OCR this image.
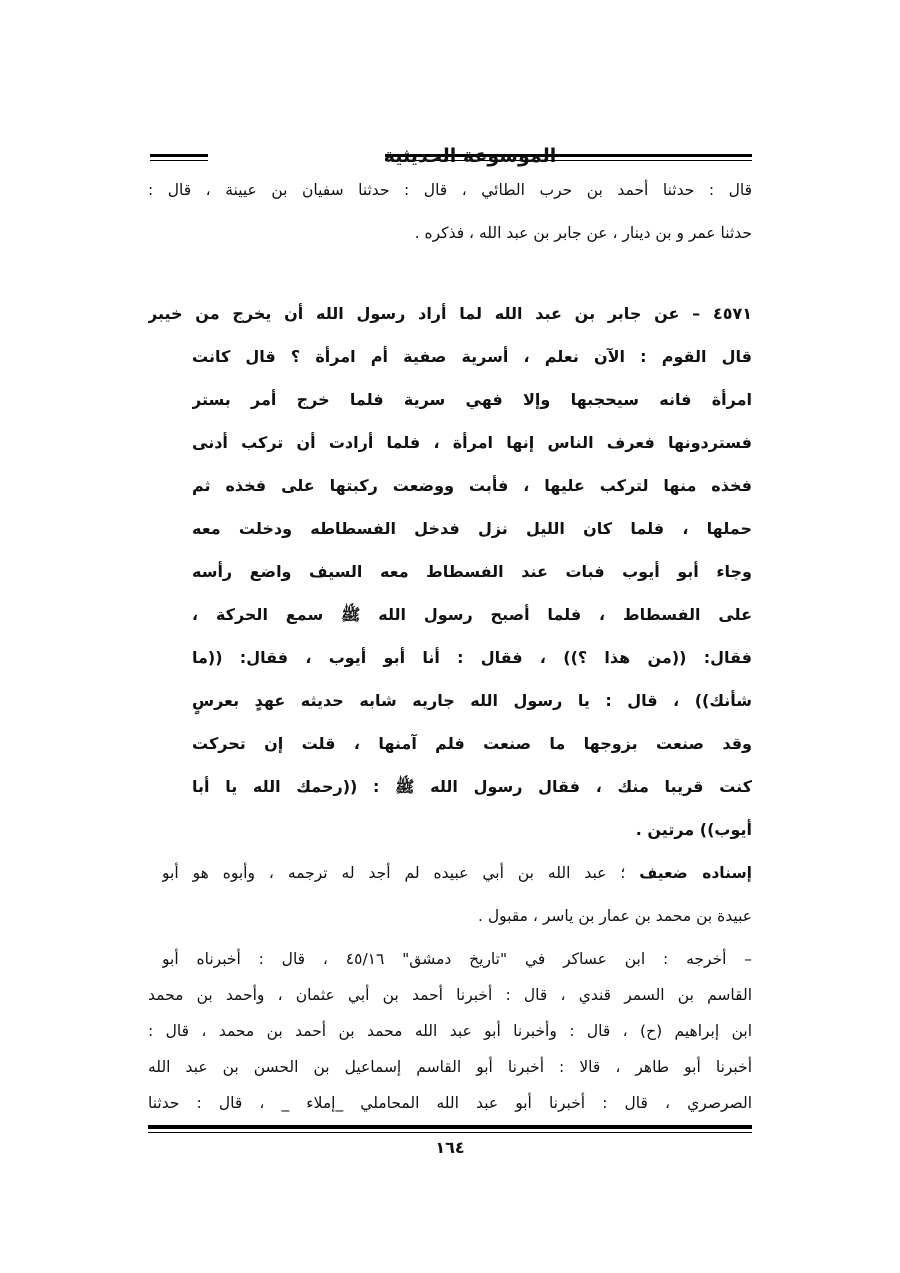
الموسوعة الحديثية
قال : حدثنا أحمد بن حرب الطائي ، قال : حدثنا سفيان بن عيينة ، قال :
حدثنا عمر و بن دينار ، عن جابر بن عبد الله ، فذكره .
٤٥٧١ – عن جابر بن عبد الله لما أراد رسول الله أن يخرج من خيبر
قال القوم : الآن نعلم ، أسرية صفية أم امرأة ؟ قال كانت
امرأة فانه سيحجبها وإلا فهي سرية فلما خرج أمر بستر
فستردونها فعرف الناس إنها امرأة ، فلما أرادت أن تركب أدنى
فخذه منها لتركب عليها ، فأبت ووضعت ركبتها على فخذه ثم
حملها ، فلما كان الليل نزل فدخل الفسطاطه ودخلت معه
وجاء أبو أيوب فبات عند الفسطاط معه السيف واضع رأسه
على الفسطاط ، فلما أصبح رسول الله ﷺ سمع الحركة ،
فقال: ((من هذا ؟)) ، فقال : أنا أبو أيوب ، فقال: ((ما
شأنك)) ، قال : يا رسول الله جاريه شابه حديثه عهدٍ بعرسٍ
وقد صنعت بزوجها ما صنعت فلم آمنها ، قلت إن تحركت
كنت قريبا منك ، فقال رسول الله ﷺ : ((رحمك الله يا أبا
أيوب)) مرتين .
إسناده ضعيف ؛ عبد الله بن أبي عبيده لم أجد له ترجمه ، وأبوه هو أبو
عبيدة بن محمد بن عمار بن ياسر ، مقبول .
– أخرجه : ابن عساكر في "تاريخ دمشق" ٤٥/١٦ ، قال : أخبرناه أبو
القاسم بن السمر قندي ، قال : أخبرنا أحمد بن أبي عثمان ، وأحمد بن محمد
ابن إبراهيم (ح) ، قال : وأخبرنا أبو عبد الله محمد بن أحمد بن محمد ، قال :
أخبرنا أبو طاهر ، قالا : أخبرنا أبو القاسم إسماعيل بن الحسن بن عبد الله
١٦٤
الصرصري ، قال : أخبرنا أبو عبد الله المحاملي _إملاء _ ، قال : حدثنا
